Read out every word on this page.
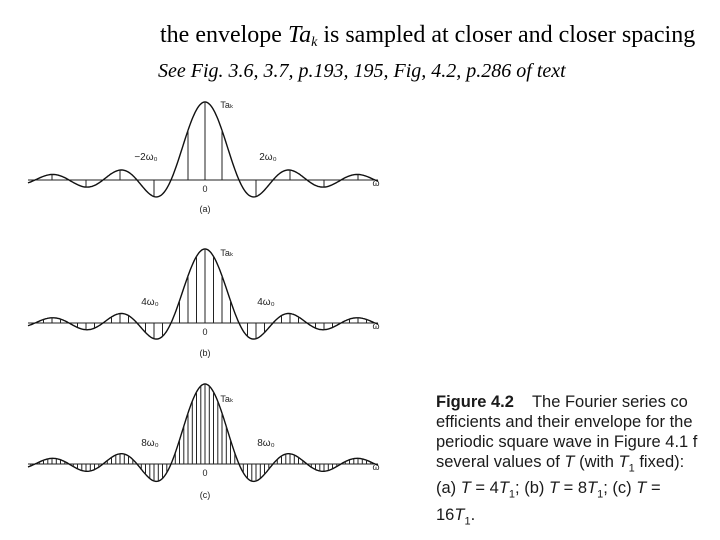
the envelope $Ta_k$ is sampled at closer and closer spacing
See Fig. 3.6, 3.7, p.193, 195, Fig, 4.2, p.286 of text
Taₖ
−2ω₀	2ω₀
0
ω
(a)
Taₖ
4ω₀	4ω₀
0
ω
(b)
Taₖ
8ω₀	8ω₀
0
ω
(c)
Figure 4.2 The Fourier series co
efficients and their envelope for the
periodic square wave in Figure 4.1 f
several values of T (with $T_1$ fixed):
(a) $T = 4T_1$; (b) $T = 8T_1$; (c) T =
$16T_1$.
